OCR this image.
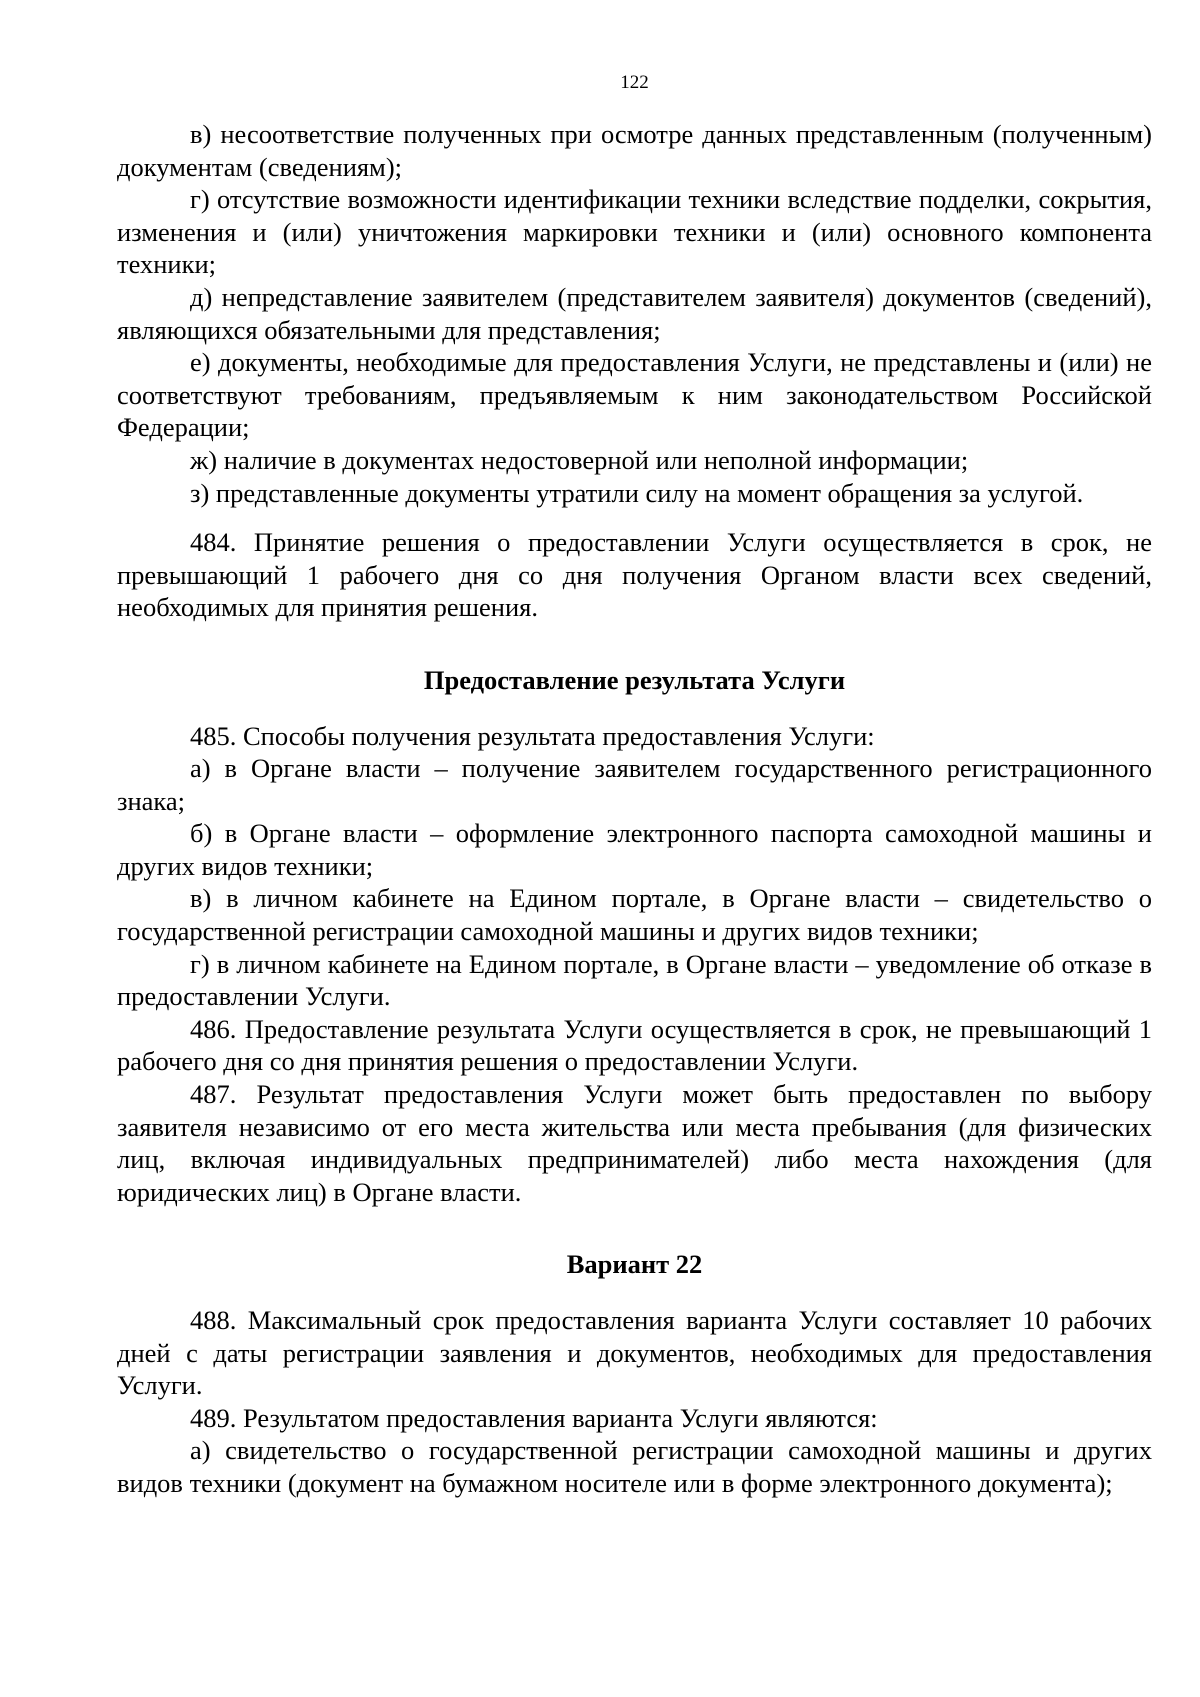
122

в) несоответствие полученных при осмотре данных представленным (полученным) документам (сведениям);

г) отсутствие возможности идентификации техники вследствие подделки, сокрытия, изменения и (или) уничтожения маркировки техники и (или) основного компонента техники;

д) непредставление заявителем (представителем заявителя) документов (сведений), являющихся обязательными для представления;

е) документы, необходимые для предоставления Услуги, не представлены и (или) не соответствуют требованиям, предъявляемым к ним законодательством Российской Федерации;

ж) наличие в документах недостоверной или неполной информации;

з) представленные документы утратили силу на момент обращения за услугой.

484. Принятие решения о предоставлении Услуги осуществляется в срок, не превышающий 1 рабочего дня со дня получения Органом власти всех сведений, необходимых для принятия решения.

Предоставление результата Услуги

485. Способы получения результата предоставления Услуги:

а) в Органе власти – получение заявителем государственного регистрационного знака;

б) в Органе власти – оформление электронного паспорта самоходной машины и других видов техники;

в) в личном кабинете на Едином портале, в Органе власти – свидетельство о государственной регистрации самоходной машины и других видов техники;

г) в личном кабинете на Едином портале, в Органе власти – уведомление об отказе в предоставлении Услуги.

486. Предоставление результата Услуги осуществляется в срок, не превышающий 1 рабочего дня со дня принятия решения о предоставлении Услуги.

487. Результат предоставления Услуги может быть предоставлен по выбору заявителя независимо от его места жительства или места пребывания (для физических лиц, включая индивидуальных предпринимателей) либо места нахождения (для юридических лиц) в Органе власти.

Вариант 22

488. Максимальный срок предоставления варианта Услуги составляет 10 рабочих дней с даты регистрации заявления и документов, необходимых для предоставления Услуги.

489. Результатом предоставления варианта Услуги являются:

а) свидетельство о государственной регистрации самоходной машины и других видов техники (документ на бумажном носителе или в форме электронного документа);
